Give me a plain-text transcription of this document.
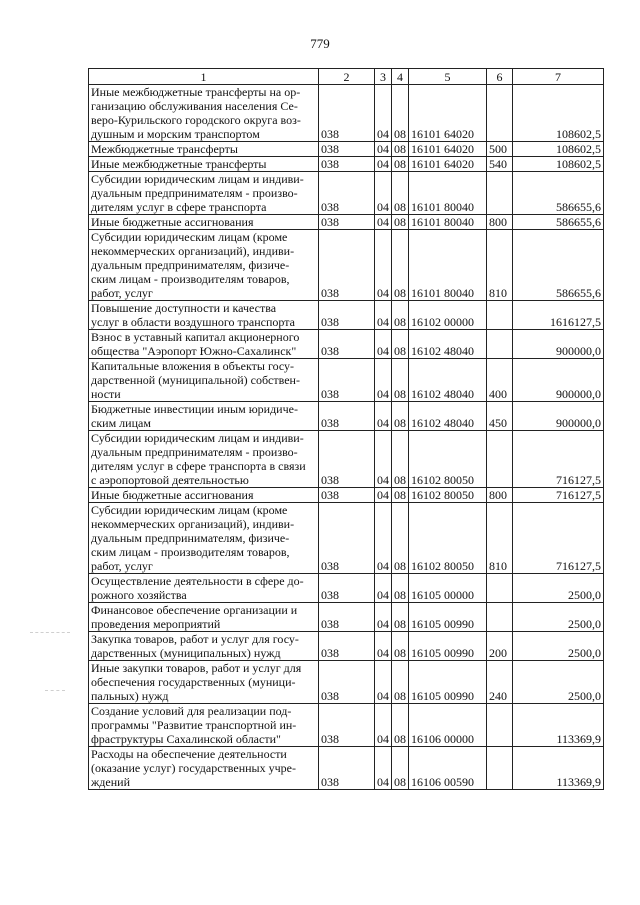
779
1	2	3	4	5	6	7

Иные межбюджетные трансферты на ор-
ганизацию обслуживания населения Се-
веро-Курильского городского округа воз-
душным и морским транспортом	038	04	08	16101 64020		108602,5

Межбюджетные трансферты	038	04	08	16101 64020	500	108602,5

Иные межбюджетные трансферты	038	04	08	16101 64020	540	108602,5

Субсидии юридическим лицам и индиви-
дуальным предпринимателям - произво-
дителям услуг в сфере транспорта	038	04	08	16101 80040		586655,6

Иные бюджетные ассигнования	038	04	08	16101 80040	800	586655,6

Субсидии юридическим лицам (кроме
некоммерческих организаций), индиви-
дуальным предпринимателям, физиче-
ским лицам - производителям товаров,
работ, услуг	038	04	08	16101 80040	810	586655,6

Повышение доступности и качества
услуг в области воздушного транспорта	038	04	08	16102 00000		1616127,5

Взнос в уставный капитал акционерного
общества "Аэропорт Южно-Сахалинск"	038	04	08	16102 48040		900000,0

Капитальные вложения в объекты госу-
дарственной (муниципальной) собствен-
ности	038	04	08	16102 48040	400	900000,0

Бюджетные инвестиции иным юридиче-
ским лицам	038	04	08	16102 48040	450	900000,0

Субсидии юридическим лицам и индиви-
дуальным предпринимателям - произво-
дителям услуг в сфере транспорта в связи
с аэропортовой деятельностью	038	04	08	16102 80050		716127,5

Иные бюджетные ассигнования	038	04	08	16102 80050	800	716127,5

Субсидии юридическим лицам (кроме
некоммерческих организаций), индиви-
дуальным предпринимателям, физиче-
ским лицам - производителям товаров,
работ, услуг	038	04	08	16102 80050	810	716127,5

Осуществление деятельности в сфере до-
рожного хозяйства	038	04	08	16105 00000		2500,0

Финансовое обеспечение организации и
проведения мероприятий	038	04	08	16105 00990		2500,0

Закупка товаров, работ и услуг для госу-
дарственных (муниципальных) нужд	038	04	08	16105 00990	200	2500,0

Иные закупки товаров, работ и услуг для
обеспечения государственных (муници-
пальных) нужд	038	04	08	16105 00990	240	2500,0

Создание условий для реализации под-
программы "Развитие транспортной ин-
фраструктуры Сахалинской области"	038	04	08	16106 00000		113369,9

Расходы на обеспечение деятельности
(оказание услуг) государственных учре-
ждений	038	04	08	16106 00590		113369,9
